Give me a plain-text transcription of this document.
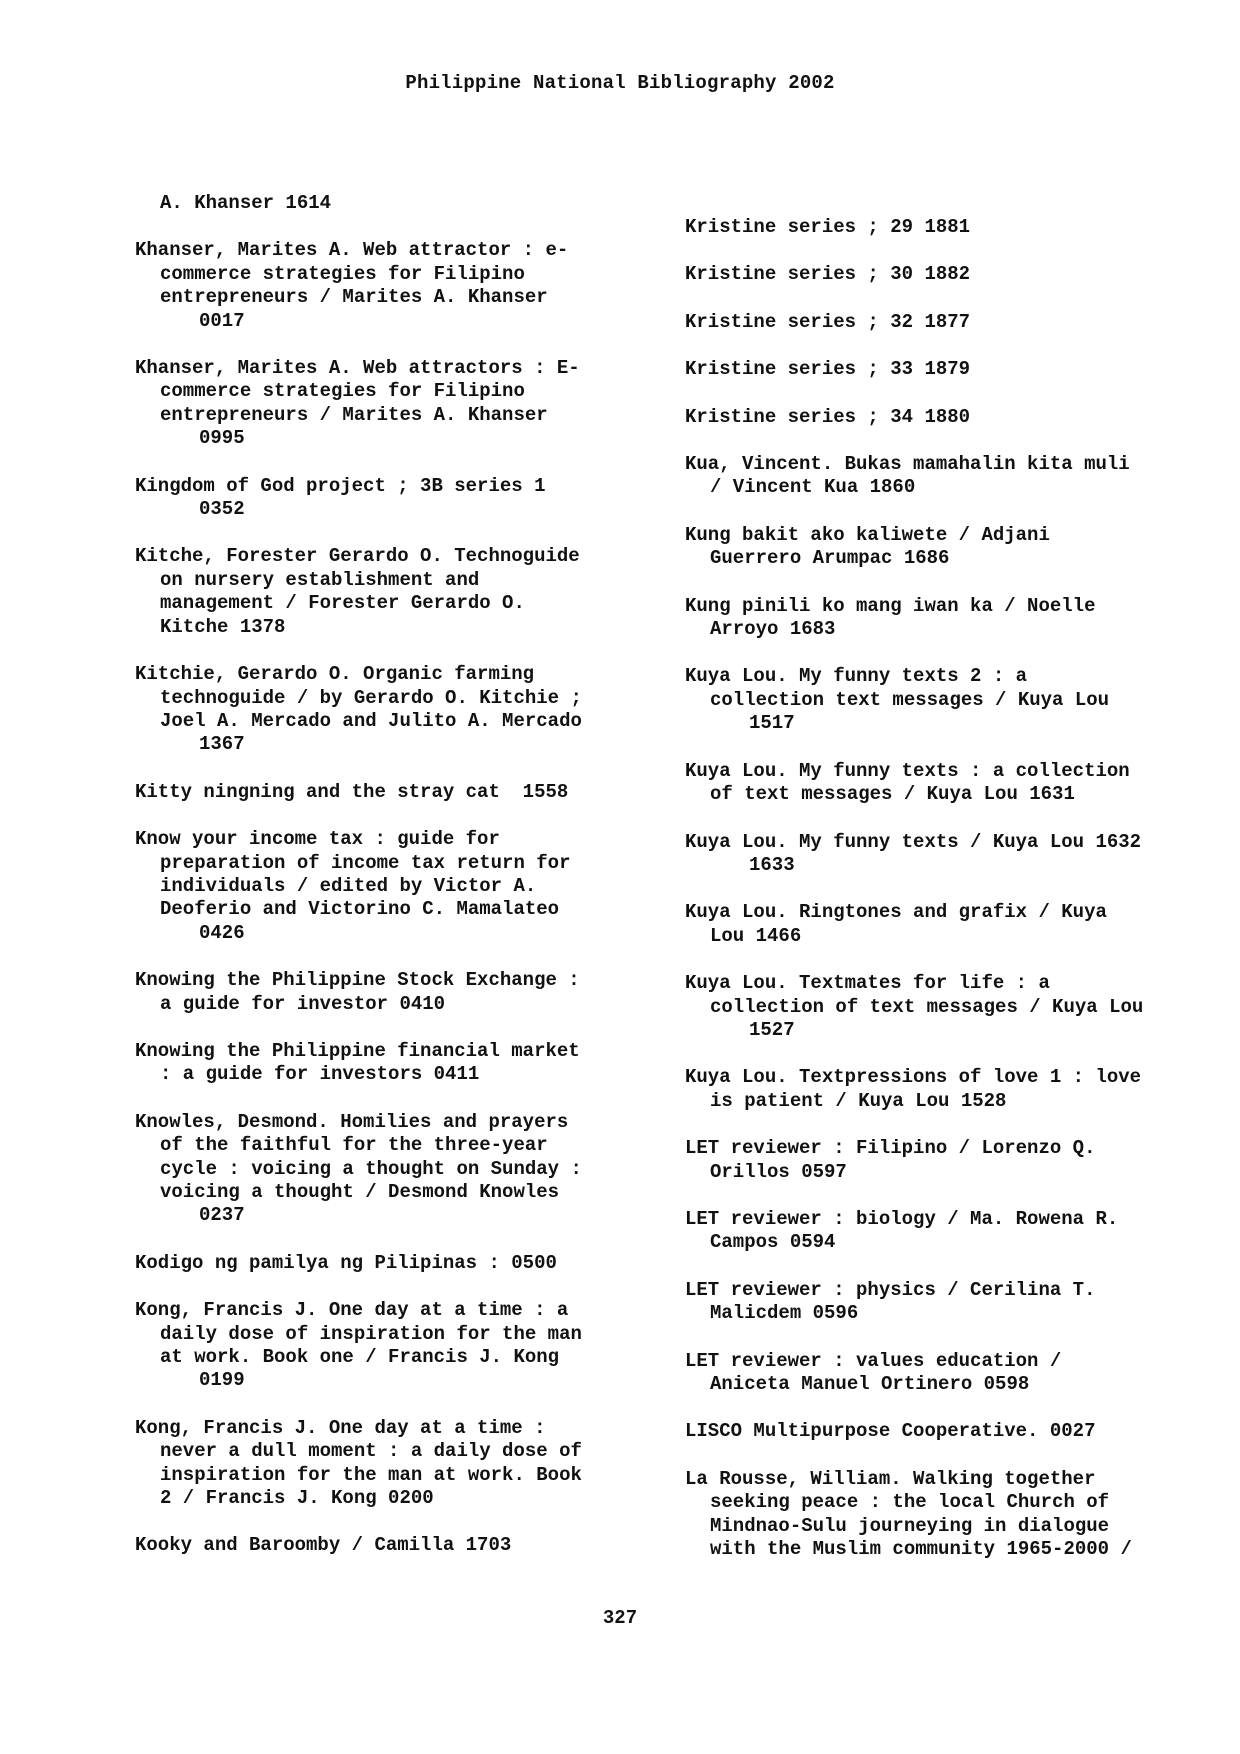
Philippine National Bibliography 2002
A. Khanser 1614
Khanser, Marites A. Web attractor : e-
commerce strategies for Filipino
entrepreneurs / Marites A. Khanser
0017
Khanser, Marites A. Web attractors : E-
commerce strategies for Filipino
entrepreneurs / Marites A. Khanser
0995
Kingdom of God project ; 3B series 1
0352
Kitche, Forester Gerardo O. Technoguide
on nursery establishment and
management / Forester Gerardo O.
Kitche 1378
Kitchie, Gerardo O. Organic farming
technoguide / by Gerardo O. Kitchie ;
Joel A. Mercado and Julito A. Mercado
1367
Kitty ningning and the stray cat  1558
Know your income tax : guide for
preparation of income tax return for
individuals / edited by Victor A.
Deoferio and Victorino C. Mamalateo
0426
Knowing the Philippine Stock Exchange :
a guide for investor 0410
Knowing the Philippine financial market
: a guide for investors 0411
Knowles, Desmond. Homilies and prayers
of the faithful for the three-year
cycle : voicing a thought on Sunday :
voicing a thought / Desmond Knowles
0237
Kodigo ng pamilya ng Pilipinas : 0500
Kong, Francis J. One day at a time : a
daily dose of inspiration for the man
at work. Book one / Francis J. Kong
0199
Kong, Francis J. One day at a time :
never a dull moment : a daily dose of
inspiration for the man at work. Book
2 / Francis J. Kong 0200
Kooky and Baroomby / Camilla 1703
Kristine series ; 29 1881
Kristine series ; 30 1882
Kristine series ; 32 1877
Kristine series ; 33 1879
Kristine series ; 34 1880
Kua, Vincent. Bukas mamahalin kita muli
/ Vincent Kua 1860
Kung bakit ako kaliwete / Adjani
Guerrero Arumpac 1686
Kung pinili ko mang iwan ka / Noelle
Arroyo 1683
Kuya Lou. My funny texts 2 : a
collection text messages / Kuya Lou
1517
Kuya Lou. My funny texts : a collection
of text messages / Kuya Lou 1631
Kuya Lou. My funny texts / Kuya Lou 1632
1633
Kuya Lou. Ringtones and grafix / Kuya
Lou 1466
Kuya Lou. Textmates for life : a
collection of text messages / Kuya Lou
1527
Kuya Lou. Textpressions of love 1 : love
is patient / Kuya Lou 1528
LET reviewer : Filipino / Lorenzo Q.
Orillos 0597
LET reviewer : biology / Ma. Rowena R.
Campos 0594
LET reviewer : physics / Cerilina T.
Malicdem 0596
LET reviewer : values education /
Aniceta Manuel Ortinero 0598
LISCO Multipurpose Cooperative. 0027
La Rousse, William. Walking together
seeking peace : the local Church of
Mindnao-Sulu journeying in dialogue
with the Muslim community 1965-2000 /
327
